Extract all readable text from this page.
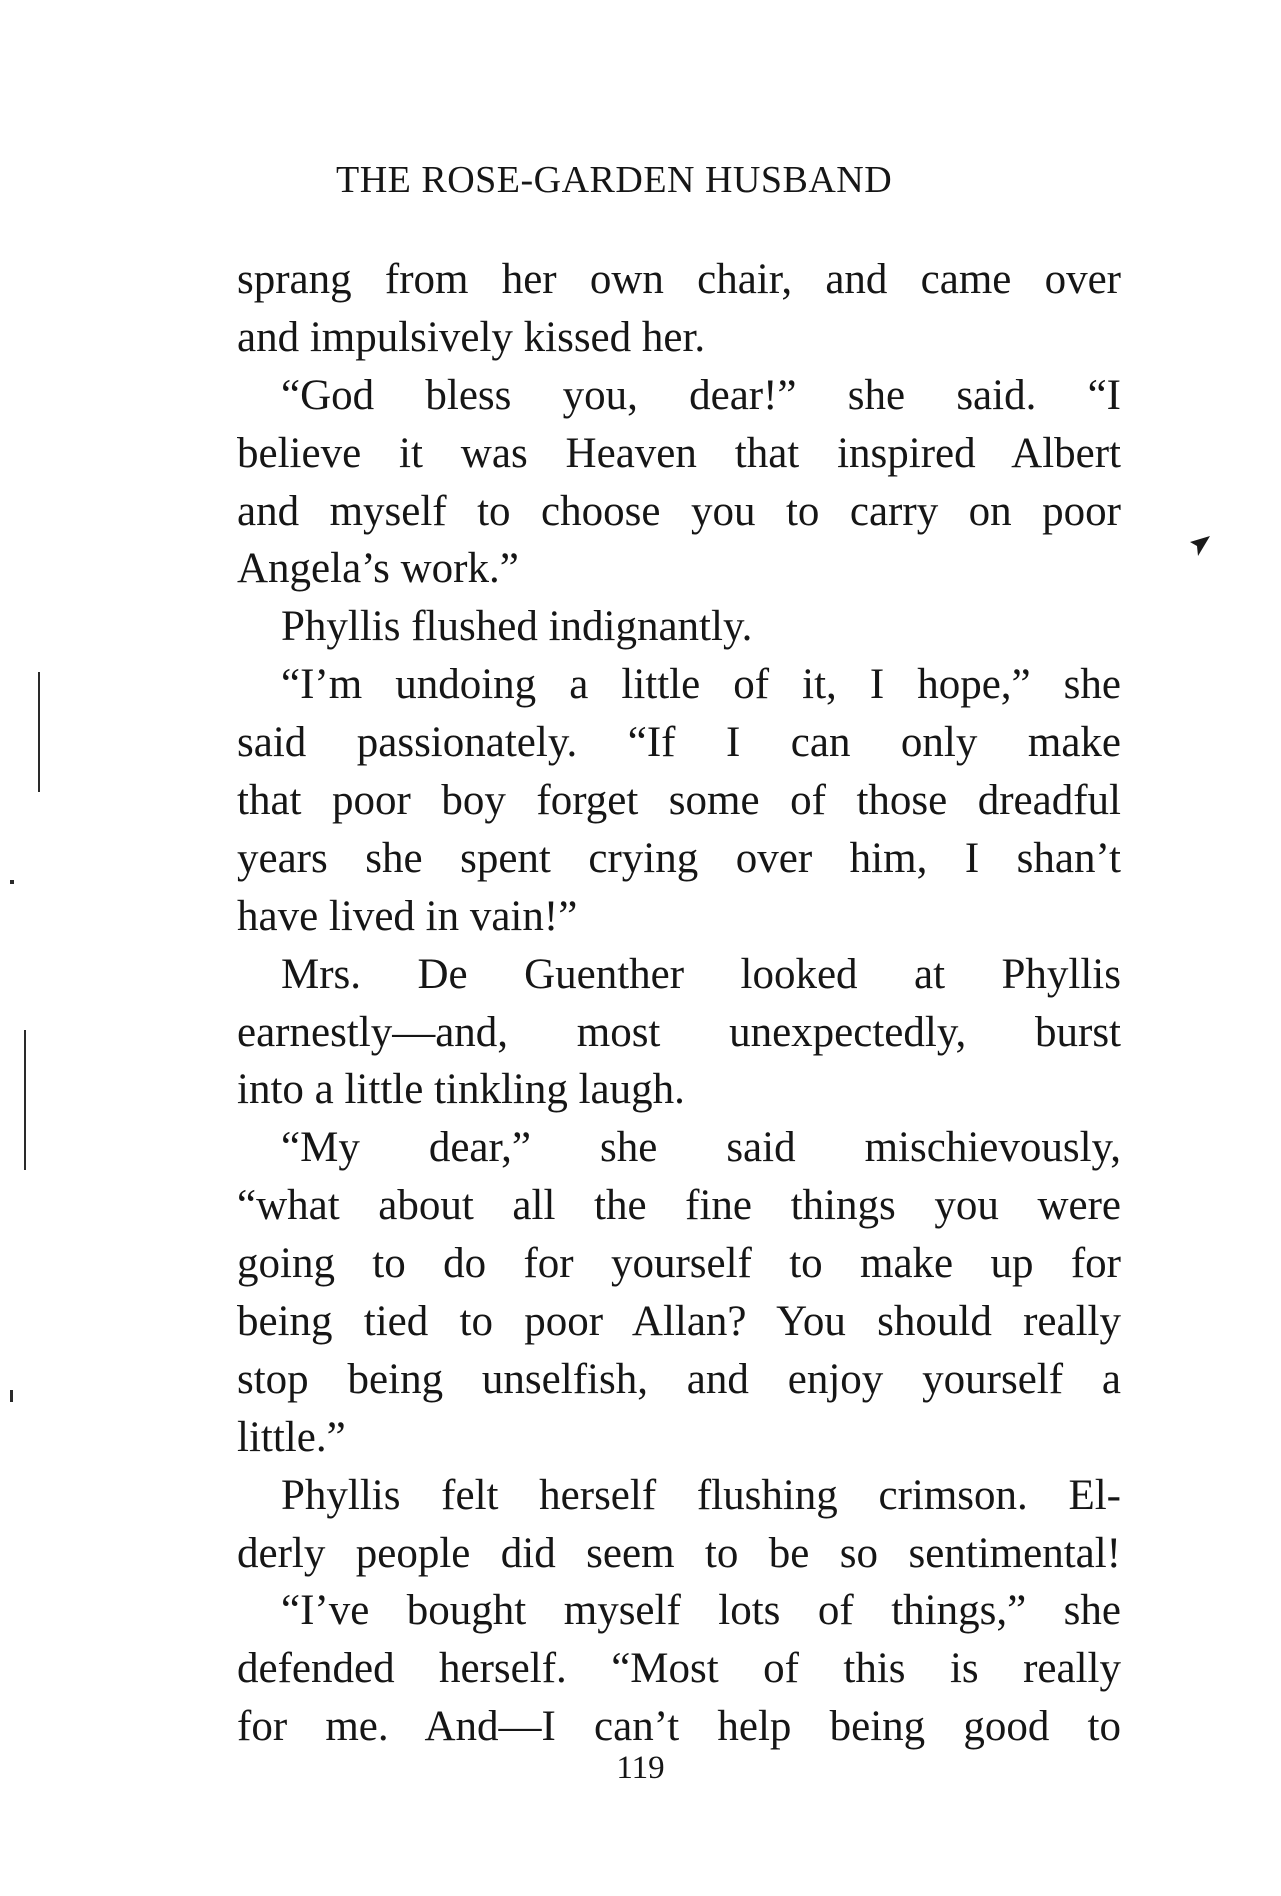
THE ROSE-GARDEN HUSBAND
sprang from her own chair, and came over
and impulsively kissed her.
“God bless you, dear!” she said. “I
believe it was Heaven that inspired Albert
and myself to choose you to carry on poor
Angela’s work.”
Phyllis flushed indignantly.
“I’m undoing a little of it, I hope,” she
said passionately. “If I can only make
that poor boy forget some of those dreadful
years she spent crying over him, I shan’t
have lived in vain!”
Mrs. De Guenther looked at Phyllis
earnestly—and, most unexpectedly, burst
into a little tinkling laugh.
“My dear,” she said mischievously,
“what about all the fine things you were
going to do for yourself to make up for
being tied to poor Allan? You should really
stop being unselfish, and enjoy yourself a
little.”
Phyllis felt herself flushing crimson. El-
derly people did seem to be so sentimental!
“I’ve bought myself lots of things,” she
defended herself. “Most of this is really
for me. And—I can’t help being good to
119
